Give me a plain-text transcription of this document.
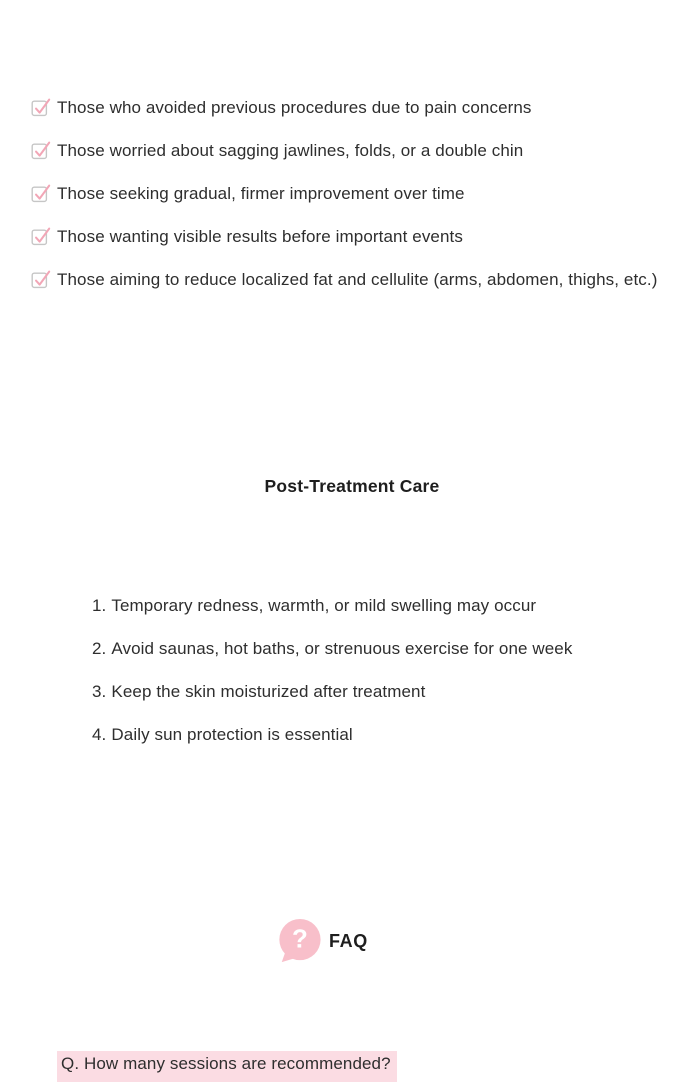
Those who avoided previous procedures due to pain concerns
Those worried about sagging jawlines, folds, or a double chin
Those seeking gradual, firmer improvement over time
Those wanting visible results before important events
Those aiming to reduce localized fat and cellulite (arms, abdomen, thighs, etc.)
Post-Treatment Care
1. Temporary redness, warmth, or mild swelling may occur
2. Avoid saunas, hot baths, or strenuous exercise for one week
3. Keep the skin moisturized after treatment
4. Daily sun protection is essential
? FAQ
Q. How many sessions are recommended?
